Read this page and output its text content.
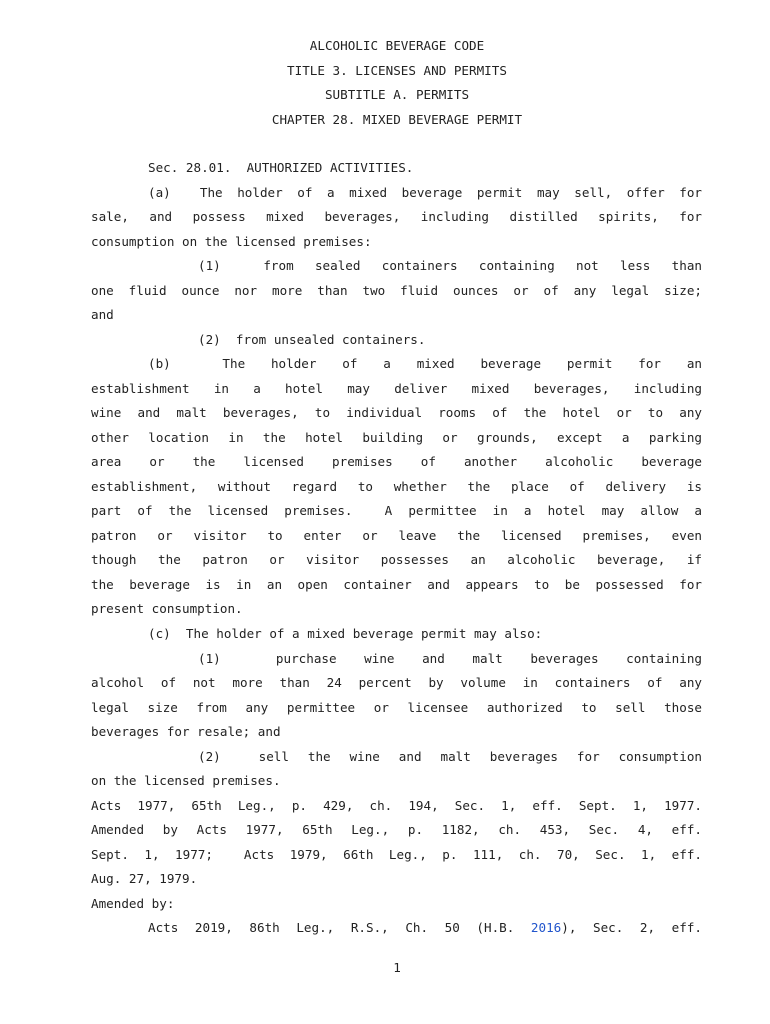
ALCOHOLIC BEVERAGE CODE
TITLE 3. LICENSES AND PERMITS
SUBTITLE A. PERMITS
CHAPTER 28. MIXED BEVERAGE PERMIT
Sec. 28.01.  AUTHORIZED ACTIVITIES.
(a)  The holder of a mixed beverage permit may sell, offer for
sale, and possess mixed beverages, including distilled spirits, for
consumption on the licensed premises:
(1)  from sealed containers containing not less than
one fluid ounce nor more than two fluid ounces or of any legal size;
and
(2)  from unsealed containers.
(b)  The holder of a mixed beverage permit for an
establishment in a hotel may deliver mixed beverages, including
wine and malt beverages, to individual rooms of the hotel or to any
other location in the hotel building or grounds, except a parking
area or the licensed premises of another alcoholic beverage
establishment, without regard to whether the place of delivery is
part of the licensed premises.  A permittee in a hotel may allow a
patron or visitor to enter or leave the licensed premises, even
though the patron or visitor possesses an alcoholic beverage, if
the beverage is in an open container and appears to be possessed for
present consumption.
(c)  The holder of a mixed beverage permit may also:
(1)  purchase wine and malt beverages containing
alcohol of not more than 24 percent by volume in containers of any
legal size from any permittee or licensee authorized to sell those
beverages for resale; and
(2)  sell the wine and malt beverages for consumption
on the licensed premises.
Acts 1977, 65th Leg., p. 429, ch. 194, Sec. 1, eff. Sept. 1, 1977.
Amended by Acts 1977, 65th Leg., p. 1182, ch. 453, Sec. 4, eff.
Sept. 1, 1977;  Acts 1979, 66th Leg., p. 111, ch. 70, Sec. 1, eff.
Aug. 27, 1979.
Amended by:
Acts 2019, 86th Leg., R.S., Ch. 50 (H.B. 2016), Sec. 2, eff.
1
